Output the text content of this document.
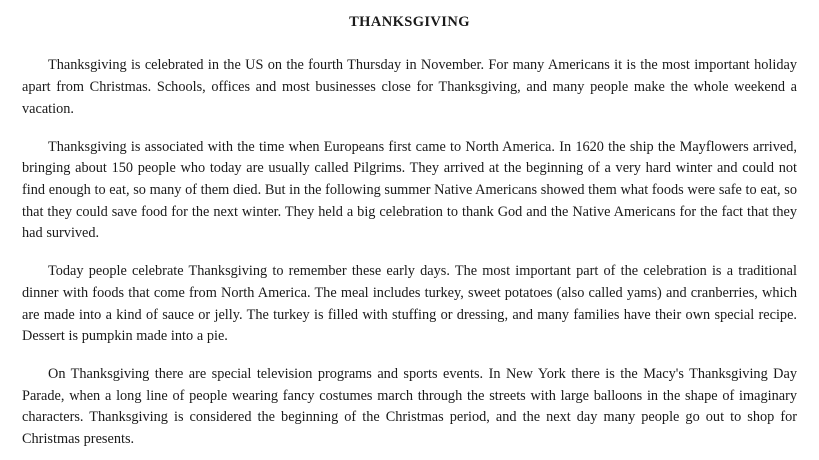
THANKSGIVING

Thanksgiving is celebrated in the US on the fourth Thursday in November. For many Americans it is the most important holiday apart from Christmas. Schools, offices and most businesses close for Thanksgiving, and many people make the whole weekend a vacation.

Thanksgiving is associated with the time when Europeans first came to North America. In 1620 the ship the Mayflowers arrived, bringing about 150 people who today are usually called Pilgrims. They arrived at the beginning of a very hard winter and could not find enough to eat, so many of them died. But in the following summer Native Americans showed them what foods were safe to eat, so that they could save food for the next winter. They held a big celebration to thank God and the Native Americans for the fact that they had survived.

Today people celebrate Thanksgiving to remember these early days. The most important part of the celebration is a traditional dinner with foods that come from North America. The meal includes turkey, sweet potatoes (also called yams) and cranberries, which are made into a kind of sauce or jelly. The turkey is filled with stuffing or dressing, and many families have their own special recipe. Dessert is pumpkin made into a pie.

On Thanksgiving there are special television programs and sports events. In New York there is the Macy's Thanksgiving Day Parade, when a long line of people wearing fancy costumes march through the streets with large balloons in the shape of imaginary characters. Thanksgiving is considered the beginning of the Christmas period, and the next day many people go out to shop for Christmas presents.
